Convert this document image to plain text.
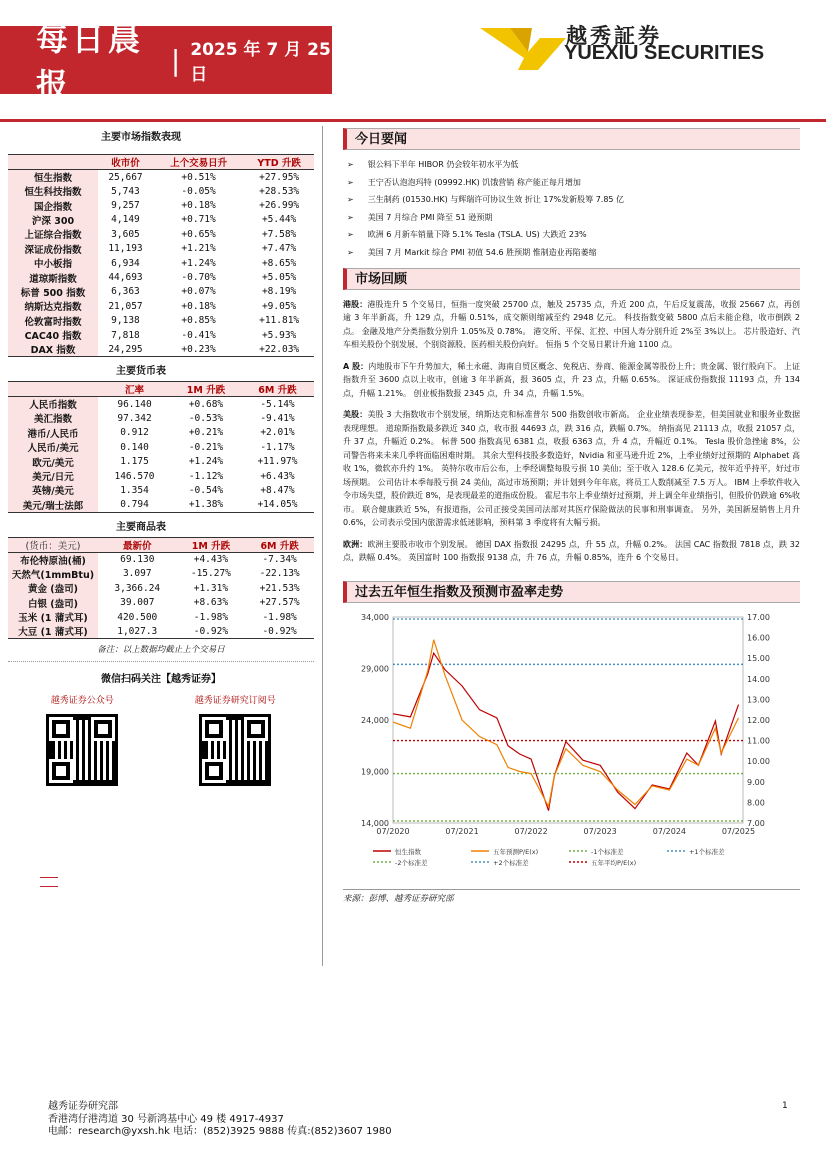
每日晨报
| 2025 年 7 月 25 日
越秀証券
YUEXIU SECURITIES
主要市场指数表现
	收市价	上个交易日升	YTD 升跌
恒生指数	25,667	+0.51%	+27.95%
恒生科技指数	5,743	-0.05%	+28.53%
国企指数	9,257	+0.18%	+26.99%
沪深 300	4,149	+0.71%	+5.44%
上证综合指数	3,605	+0.65%	+7.58%
深证成份指数	11,193	+1.21%	+7.47%
中小板指	6,934	+1.24%	+8.65%
道琼斯指数	44,693	-0.70%	+5.05%
标普 500 指数	6,363	+0.07%	+8.19%
纳斯达克指数	21,057	+0.18%	+9.05%
伦敦富时指数	9,138	+0.85%	+11.81%
CAC40 指数	7,818	-0.41%	+5.93%
DAX 指数	24,295	+0.23%	+22.03%
主要货币表
	汇率	1M 升跌	6M 升跌
人民币指数	96.140	+0.68%	-5.14%
美汇指数	97.342	-0.53%	-9.41%
港币/人民币	0.912	+0.21%	+2.01%
人民币/美元	0.140	-0.21%	-1.17%
欧元/美元	1.175	+1.24%	+11.97%
美元/日元	146.570	-1.12%	+6.43%
英镑/美元	1.354	-0.54%	+8.47%
美元/瑞士法郎	0.794	+1.38%	+14.05%
主要商品表
(货币：美元)	最新价	1M 升跌	6M 升跌
布伦特原油(桶)	69.130	+4.43%	-7.34%
天然气(1mmBtu)	3.097	-15.27%	-22.13%
黄金 (盎司)	3,366.24	+1.31%	+21.53%
白银 (盎司)	39.007	+8.63%	+27.57%
玉米 (1 蒲式耳)	420.500	-1.98%	-1.98%
大豆 (1 蒲式耳)	1,027.3	-0.92%	-0.92%
备注：以上数据均截止上个交易日
微信扫码关注【越秀证券】
越秀证券公众号	越秀证券研究订阅号
今日要闻
➢ 银公料下半年 HIBOR 仍会较年初水平为低
➢ 王宁否认泡泡玛特 (09992.HK) 饥饿营销 称产能正每月增加
➢ 三生制药 (01530.HK) 与辉瑞许可协议生效 折让 17%发新股筹 7.85 亿
➢ 美国 7 月综合 PMI 降至 51 逊预期
➢ 欧洲 6 月新车销量下降 5.1% Tesla (TSLA. US) 大跌近 23%
➢ 美国 7 月 Markit 综合 PMI 初值 54.6 胜预期 惟制造业再陷萎缩
市场回顾

港股：港股连升 5 个交易日，恒指一度突破 25700 点，触及 25735 点，升近 200 点，午后反复震荡，收报 25667 点，再创逾 3 年半新高，升 129 点，升幅 0.51%，成交额则缩减至约 2948 亿元。 科技指数变破 5800 点后未能企稳，收市倒跌 2 点。 金融及地产分类指数分别升 1.05%及 0.78%。 港交所、平保、汇控、中国人寿分别升近 2%至 3%以上。 芯片股造好、汽车相关股份个别发展、个别资源股、医药相关股份向好。 恒指 5 个交易日累计升逾 1100 点。

A 股：内地股市下午升势加大，稀土永磁、海南自贸区概念、免税店、券商、能源金属等股份上升；贵金属、银行股向下。 上证指数升至 3600 点以上收市，创逾 3 年半新高，报 3605 点，升 23 点，升幅 0.65%。 深证成份指数报 11193 点，升 134 点，升幅 1.21%。 创业板指数报 2345 点，升 34 点，升幅 1.5%。

美股：美股 3 大指数收市个别发展，纳斯达克和标准普尔 500 指数创收市新高。 企业业绩表现参差，但美国就业和服务业数据表现理想。 道琼斯指数最多跌近 340 点，收市报 44693 点，跌 316 点，跌幅 0.7%。 纳指高见 21113 点，收报 21057 点，升 37 点，升幅近 0.2%。 标普 500 指数高见 6381 点，收报 6363 点，升 4 点，升幅近 0.1%。 Tesla 股价急挫逾 8%，公司警告将来未来几季将面临困难时期。 其余大型科技股多数造好，Nvidia 和亚马逊升近 2%，上季业绩好过预期的 Alphabet 高收 1%，微软亦升约 1%。 英特尔收市后公布，上季经调整每股亏损 10 美仙；至于收入 128.6 亿美元，按年近乎持平，好过市场预期。 公司估计本季每股亏损 24 美仙，高过市场预期；并计划到今年年底，将员工人数削减至 7.5 万人。 IBM 上季软件收入令市场失望，股价跌近 8%，是表现最差的道指成份股。 霍尼韦尔上季业绩好过预期，并上调全年业绩指引，但股价仍跌逾 6%收市。 联合健康跌近 5%，有报道指，公司正接受美国司法部对其医疗保险做法的民事和刑事调查。 另外，美国新屋销售上月升 0.6%，公司表示受国内旅游需求低迷影响，预料第 3 季度将有大幅亏损。

欧洲：欧洲主要股市收市个别发展。 德国 DAX 指数报 24295 点，升 55 点，升幅 0.2%。 法国 CAC 指数报 7818 点，跌 32 点，跌幅 0.4%。 英国富时 100 指数报 9138 点，升 76 点，升幅 0.85%，连升 6 个交易日。

过去五年恒生指数及预测市盈率走势
14,000
19,000
24,000
29,000
34,000
7.00
8.00
9.00
10.00
11.00
12.00
13.00
14.00
15.00
16.00
17.00
07/2020	07/2021	07/2022	07/2023	07/2024	07/2025
恒生指数	五年预测P/E(x)	-1个标准差	+1个标准差
-2个标准差	+2个标准差	五年平均P/E(x)
来源：彭博、越秀证券研究部
越秀证券研究部
香港湾仔港湾道 30 号新鸿基中心 49 楼 4917-4937
电邮：research@yxsh.hk 电话：(852)3925 9888 传真:(852)3607 1980
1
